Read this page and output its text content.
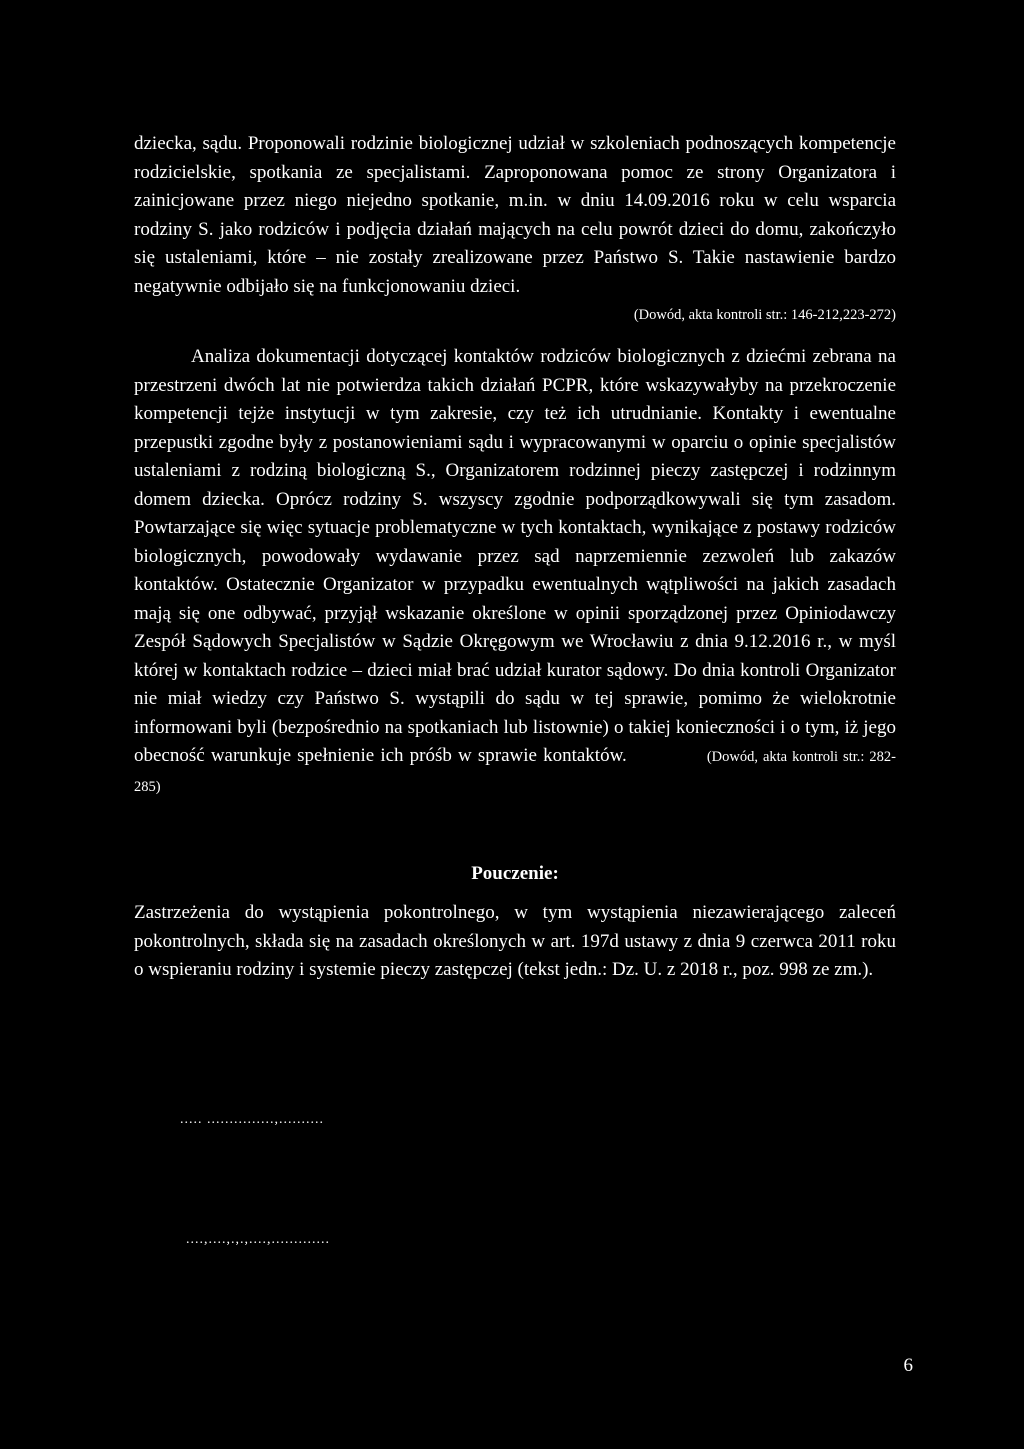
dziecka, sądu. Proponowali rodzinie biologicznej udział w szkoleniach podnoszących kompetencje rodzicielskie, spotkania ze specjalistami. Zaproponowana pomoc ze strony Organizatora i zainicjowane przez niego niejedno spotkanie, m.in. w dniu 14.09.2016 roku w celu wsparcia rodziny S. jako rodziców i podjęcia działań mających na celu powrót dzieci do domu, zakończyło się ustaleniami, które – nie zostały zrealizowane przez Państwo S. Takie nastawienie bardzo negatywnie odbijało się na funkcjonowaniu dzieci.

(Dowód, akta kontroli str.: 146-212,223-272)

Analiza dokumentacji dotyczącej kontaktów rodziców biologicznych z dziećmi zebrana na przestrzeni dwóch lat nie potwierdza takich działań PCPR, które wskazywałyby na przekroczenie kompetencji tejże instytucji w tym zakresie, czy też ich utrudnianie. Kontakty i ewentualne przepustki zgodne były z postanowieniami sądu i wypracowanymi w oparciu o opinie specjalistów ustaleniami z rodziną biologiczną S., Organizatorem rodzinnej pieczy zastępczej i rodzinnym domem dziecka. Oprócz rodziny S. wszyscy zgodnie podporządkowywali się tym zasadom. Powtarzające się więc sytuacje problematyczne w tych kontaktach, wynikające z postawy rodziców biologicznych, powodowały wydawanie przez sąd naprzemiennie zezwoleń lub zakazów kontaktów. Ostatecznie Organizator w przypadku ewentualnych wątpliwości na jakich zasadach mają się one odbywać, przyjął wskazanie określone w opinii sporządzonej przez Opiniodawczy Zespół Sądowych Specjalistów w Sądzie Okręgowym we Wrocławiu z dnia 9.12.2016 r., w myśl której w kontaktach rodzice – dzieci miał brać udział kurator sądowy. Do dnia kontroli Organizator nie miał wiedzy czy Państwo S. wystąpili do sądu w tej sprawie, pomimo że wielokrotnie informowani byli (bezpośrednio na spotkaniach lub listownie) o takiej konieczności i o tym, iż jego obecność warunkuje spełnienie ich próśb w sprawie kontaktów.	(Dowód, akta kontroli str.: 282-285)

Pouczenie:

Zastrzeżenia do wystąpienia pokontrolnego, w tym wystąpienia niezawierającego zaleceń pokontrolnych, składa się na zasadach określonych w art. 197d ustawy z dnia 9 czerwca 2011 roku o wspieraniu rodziny i systemie pieczy zastępczej (tekst jedn.: Dz. U. z 2018 r., poz. 998 ze zm.).

..... ...............,..........
....,....,.,.,....,.............
6
